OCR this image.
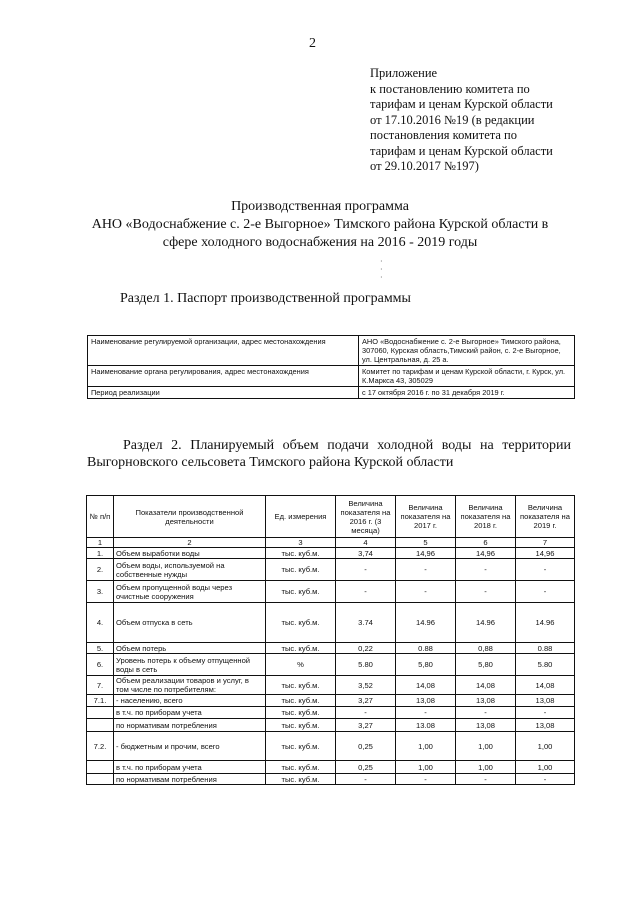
2
Приложение
к постановлению комитета по
тарифам и ценам Курской области
от 17.10.2016 №19 (в редакции
постановления комитета по
тарифам и ценам Курской области
от 29.10.2017 №197)
Производственная программа
АНО «Водоснабжение с. 2-е Выгорное» Тимского района Курской области в
сфере холодного водоснабжения на 2016 - 2019 годы
·
·
·
Раздел 1. Паспорт производственной программы
Наименование регулируемой организации, адрес местонахождения	АНО «Водоснабжение с. 2-е Выгорное» Тимского района, 307060, Курская область,Тимский район, с. 2-е Выгорное, ул. Центральная, д. 25 а.
Наименование органа регулирования, адрес местонахождения	Комитет по тарифам и ценам Курской области, г. Курск, ул. К.Маркса 43, 305029
Период реализации	с 17 октября 2016 г. по 31 декабря 2019 г.
Раздел 2. Планируемый объем подачи холодной воды на территории Выгорновского сельсовета Тимского района Курской области
№ п/п	Показатели производственной деятельности	Ед. измерения	Величина показателя на 2016 г. (3 месяца)	Величина показателя на 2017 г.	Величина показателя на 2018 г.	Величина показателя на 2019 г.
1	2	3	4	5	6	7
1.	Объем выработки воды	тыс. куб.м.	3,74	14,96	14,96	14,96
2.	Объем воды, используемой на собственные нужды	тыс. куб.м.	-	-	-	-
3.	Объем пропущенной воды через очистные сооружения	тыс. куб.м.	-	-	-	-
4.	Объем отпуска в сеть	тыс. куб.м.	3.74	14.96	14.96	14.96
5.	Объем потерь	тыс. куб.м.	0,22	0.88	0,88	0.88
6.	Уровень потерь к объему отпущенной воды в сеть	%	5.80	5,80	5,80	5.80
7.	Объем реализации товаров и услуг, в том числе по потребителям:	тыс. куб.м.	3,52	14,08	14,08	14,08
7.1.	- населению, всего	тыс. куб.м.	3,27	13,08	13,08	13,08
	в т.ч. по приборам учета	тыс. куб.м.	-	-	-	-
	по нормативам потребления	тыс. куб.м.	3,27	13.08	13,08	13,08
7.2.	- бюджетным и прочим, всего	тыс. куб.м.	0,25	1,00	1,00	1,00
	в т.ч. по приборам учета	тыс. куб.м.	0,25	1,00	1,00	1,00
	по нормативам потребления	тыс. куб.м.	-	-	-	-
